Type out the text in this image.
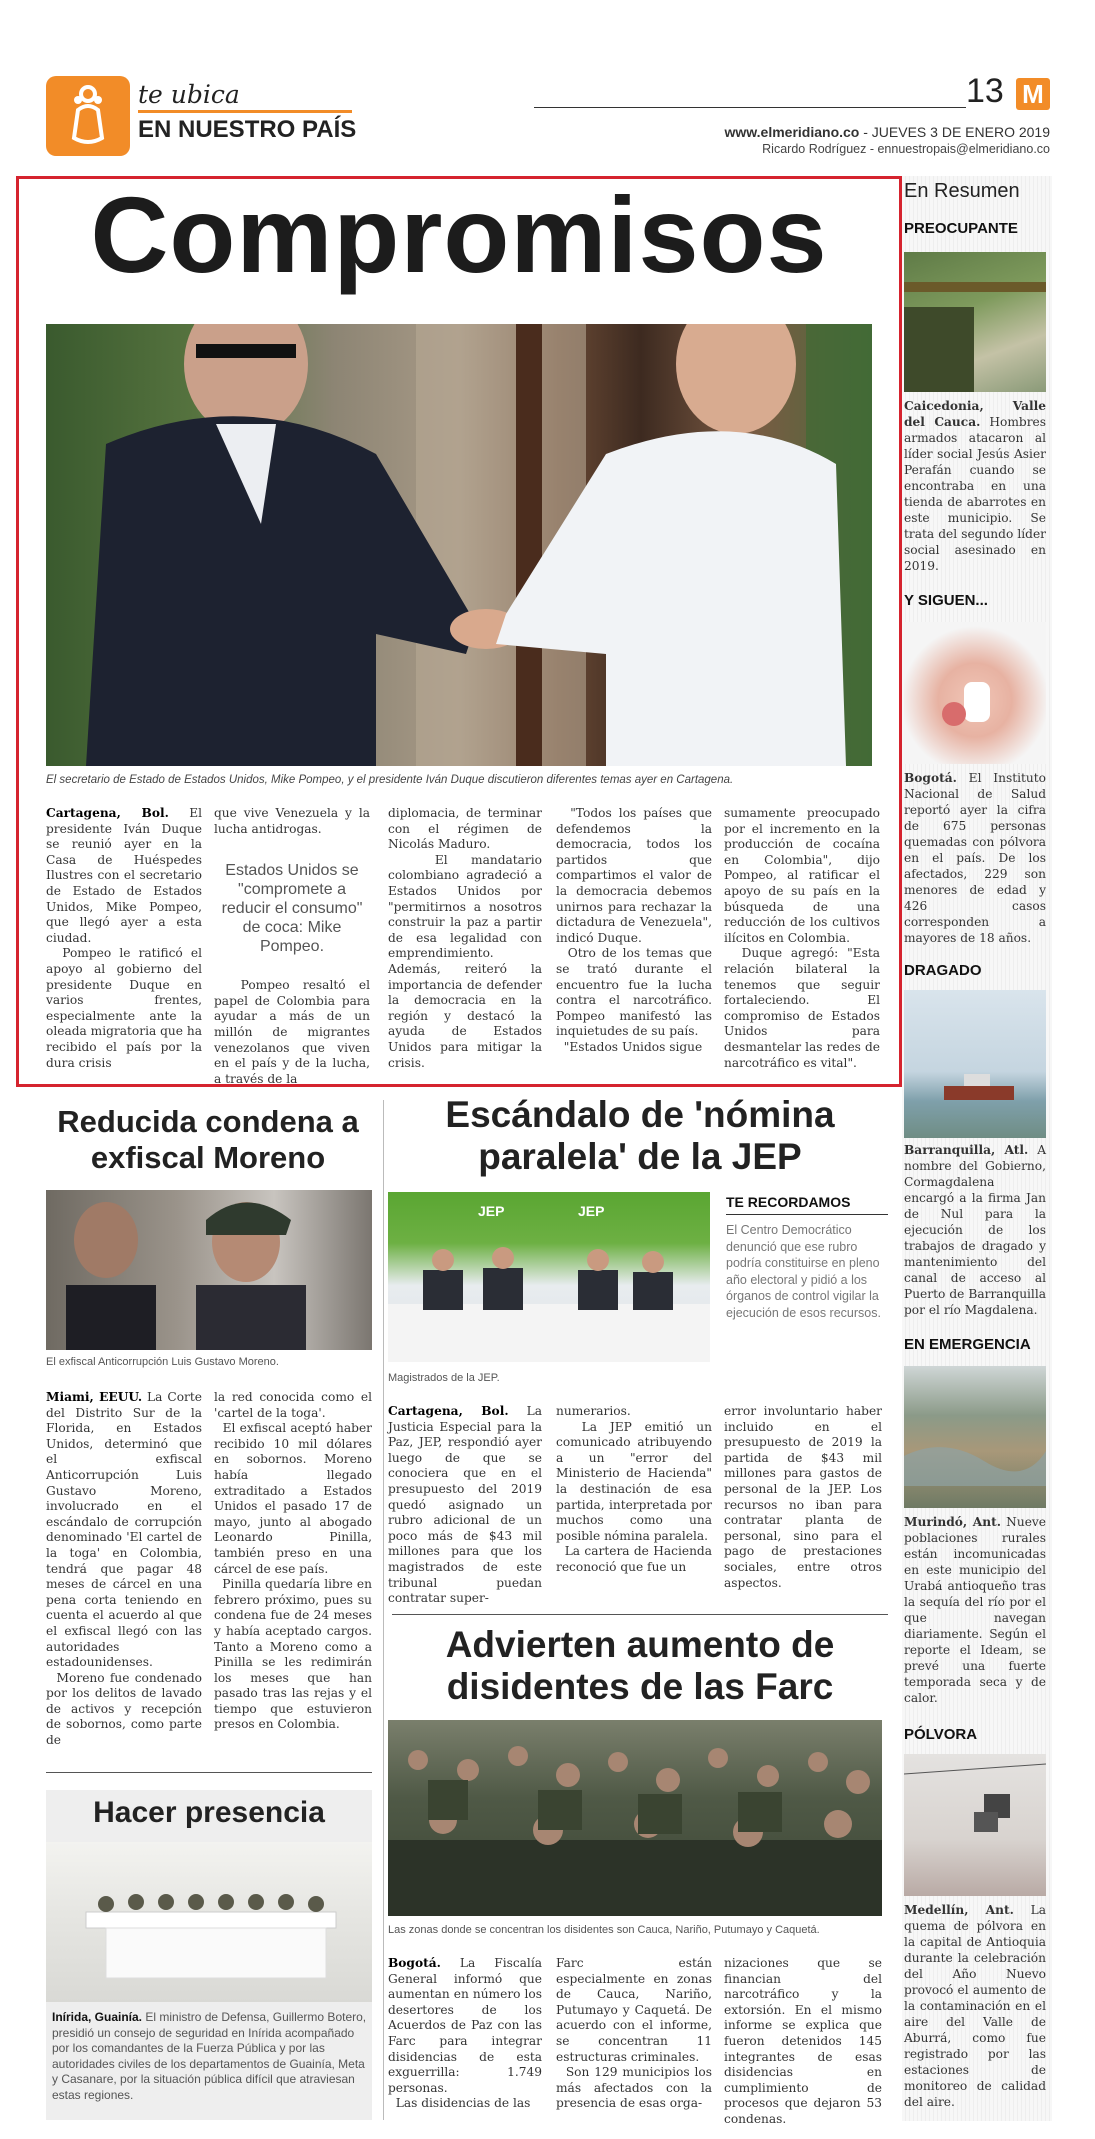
te ubica
EN NUESTRO PAÍS
13 M
www.elmeridiano.co - JUEVES 3 DE ENERO 2019
Ricardo Rodríguez - ennuestropais@elmeridiano.co
Compromisos
El secretario de Estado de Estados Unidos, Mike Pompeo, y el presidente Iván Duque discutieron diferentes temas ayer en Cartagena.
Cartagena, Bol. El presidente Iván Duque se reunió ayer en la Casa de Huéspedes Ilustres con el secretario de Estado de Estados Unidos, Mike Pompeo, que llegó ayer a esta ciudad.
Pompeo le ratificó el apoyo al gobierno del presidente Duque en varios frentes, especialmente ante la oleada migratoria que ha recibido el país por la dura crisis
que vive Venezuela y la lucha antidrogas.
Estados Unidos se "compromete a reducir el consumo" de coca: Mike Pompeo.
Pompeo resaltó el papel de Colombia para ayudar a más de un millón de migrantes venezolanos que viven en el país y de la lucha, a través de la
diplomacia, de terminar con el régimen de Nicolás Maduro.
El mandatario colombiano agradeció a Estados Unidos por "permitirnos a nosotros construir la paz a partir de esa legalidad con emprendimiento. Además, reiteró la importancia de defender la democracia en la región y destacó la ayuda de Estados Unidos para mitigar la crisis.
"Todos los países que defendemos la democracia, todos los partidos que compartimos el valor de la democracia debemos unirnos para rechazar la dictadura de Venezuela", indicó Duque.
Otro de los temas que se trató durante el encuentro fue la lucha contra el narcotráfico. Pompeo manifestó las inquietudes de su país.
"Estados Unidos sigue
sumamente preocupado por el incremento en la producción de cocaína en Colombia", dijo Pompeo, al ratificar el apoyo de su país en la búsqueda de una reducción de los cultivos ilícitos en Colombia.
Duque agregó: "Esta relación bilateral la tenemos que seguir fortaleciendo. El compromiso de Estados Unidos para desmantelar las redes de narcotráfico es vital".
En Resumen
PREOCUPANTE
Caicedonia, Valle del Cauca. Hombres armados atacaron al líder social Jesús Asier Perafán cuando se encontraba en una tienda de abarrotes en este municipio. Se trata del segundo líder social asesinado en 2019.
Y SIGUEN...
Bogotá. El Instituto Nacional de Salud reportó ayer la cifra de 675 personas quemadas con pólvora en el país. De los afectados, 229 son menores de edad y 426 casos corresponden a mayores de 18 años.
DRAGADO
Barranquilla, Atl. A nombre del Gobierno, Cormagdalena encargó a la firma Jan de Nul para la ejecución de los trabajos de dragado y mantenimiento del canal de acceso al Puerto de Barranquilla por el río Magdalena.
EN EMERGENCIA
Murindó, Ant. Nueve poblaciones rurales están incomunicadas en este municipio del Urabá antioqueño tras la sequía del río por el que navegan diariamente. Según el reporte el Ideam, se prevé una fuerte temporada seca y de calor.
PÓLVORA
Medellín, Ant. La quema de pólvora en la capital de Antioquia durante la celebración del Año Nuevo provocó el aumento de la contaminación en el aire del Valle de Aburrá, como fue registrado por las estaciones de monitoreo de calidad del aire.
Reducida condena a exfiscal Moreno
El exfiscal Anticorrupción Luis Gustavo Moreno.
Miami, EEUU. La Corte del Distrito Sur de la Florida, en Estados Unidos, determinó que el exfiscal Anticorrupción Luis Gustavo Moreno, involucrado en el escándalo de corrupción denominado 'El cartel de la toga' en Colombia, tendrá que pagar 48 meses de cárcel en una pena corta teniendo en cuenta el acuerdo al que el exfiscal llegó con las autoridades estadounidenses.
Moreno fue condenado por los delitos de lavado de activos y recepción de sobornos, como parte de
la red conocida como el 'cartel de la toga'.
El exfiscal aceptó haber recibido 10 mil dólares en sobornos. Moreno había llegado extraditado a Estados Unidos el pasado 17 de mayo, junto al abogado Leonardo Pinilla, también preso en una cárcel de ese país.
Pinilla quedaría libre en febrero próximo, pues su condena fue de 24 meses y había aceptado cargos. Tanto a Moreno como a Pinilla se les redimirán los meses que han pasado tras las rejas y el tiempo que estuvieron presos en Colombia.
Hacer presencia
Inírida, Guainía. El ministro de Defensa, Guillermo Botero, presidió un consejo de seguridad en Inírida acompañado por los comandantes de la Fuerza Pública y por las autoridades civiles de los departamentos de Guainía, Meta y Casanare, por la situación pública difícil que atraviesan estas regiones.
Escándalo de 'nómina paralela' de la JEP
JEP	JEP
Magistrados de la JEP.
TE RECORDAMOS
El Centro Democrático denunció que ese rubro podría constituirse en pleno año electoral y pidió a los órganos de control vigilar la ejecución de esos recursos.
Cartagena, Bol. La Justicia Especial para la Paz, JEP, respondió ayer luego de que se conociera que en el presupuesto del 2019 quedó asignado un rubro adicional de un poco más de $43 mil millones para que los magistrados de este tribunal puedan contratar super-
numerarios.
La JEP emitió un comunicado atribuyendo a un "error del Ministerio de Hacienda" la destinación de esa partida, interpretada por muchos como una posible nómina paralela.
La cartera de Hacienda reconoció que fue un
error involuntario haber incluido en el presupuesto de 2019 la partida de $43 mil millones para gastos de personal de la JEP. Los recursos no iban para contratar planta de personal, sino para el pago de prestaciones sociales, entre otros aspectos.
Advierten aumento de disidentes de las Farc
Las zonas donde se concentran los disidentes son Cauca, Nariño, Putumayo y Caquetá.
Bogotá. La Fiscalía General informó que aumentan en número los desertores de los Acuerdos de Paz con las Farc para integrar disidencias de esta exguerrilla: 1.749 personas.
Las disidencias de las
Farc están especialmente en zonas de Cauca, Nariño, Putumayo y Caquetá. De acuerdo con el informe, se concentran 11 estructuras criminales.
Son 129 municipios los más afectados con la presencia de esas orga-
nizaciones que se financian del narcotráfico y la extorsión. En el mismo informe se explica que fueron detenidos 145 integrantes de esas disidencias en cumplimiento de procesos que dejaron 53 condenas.
